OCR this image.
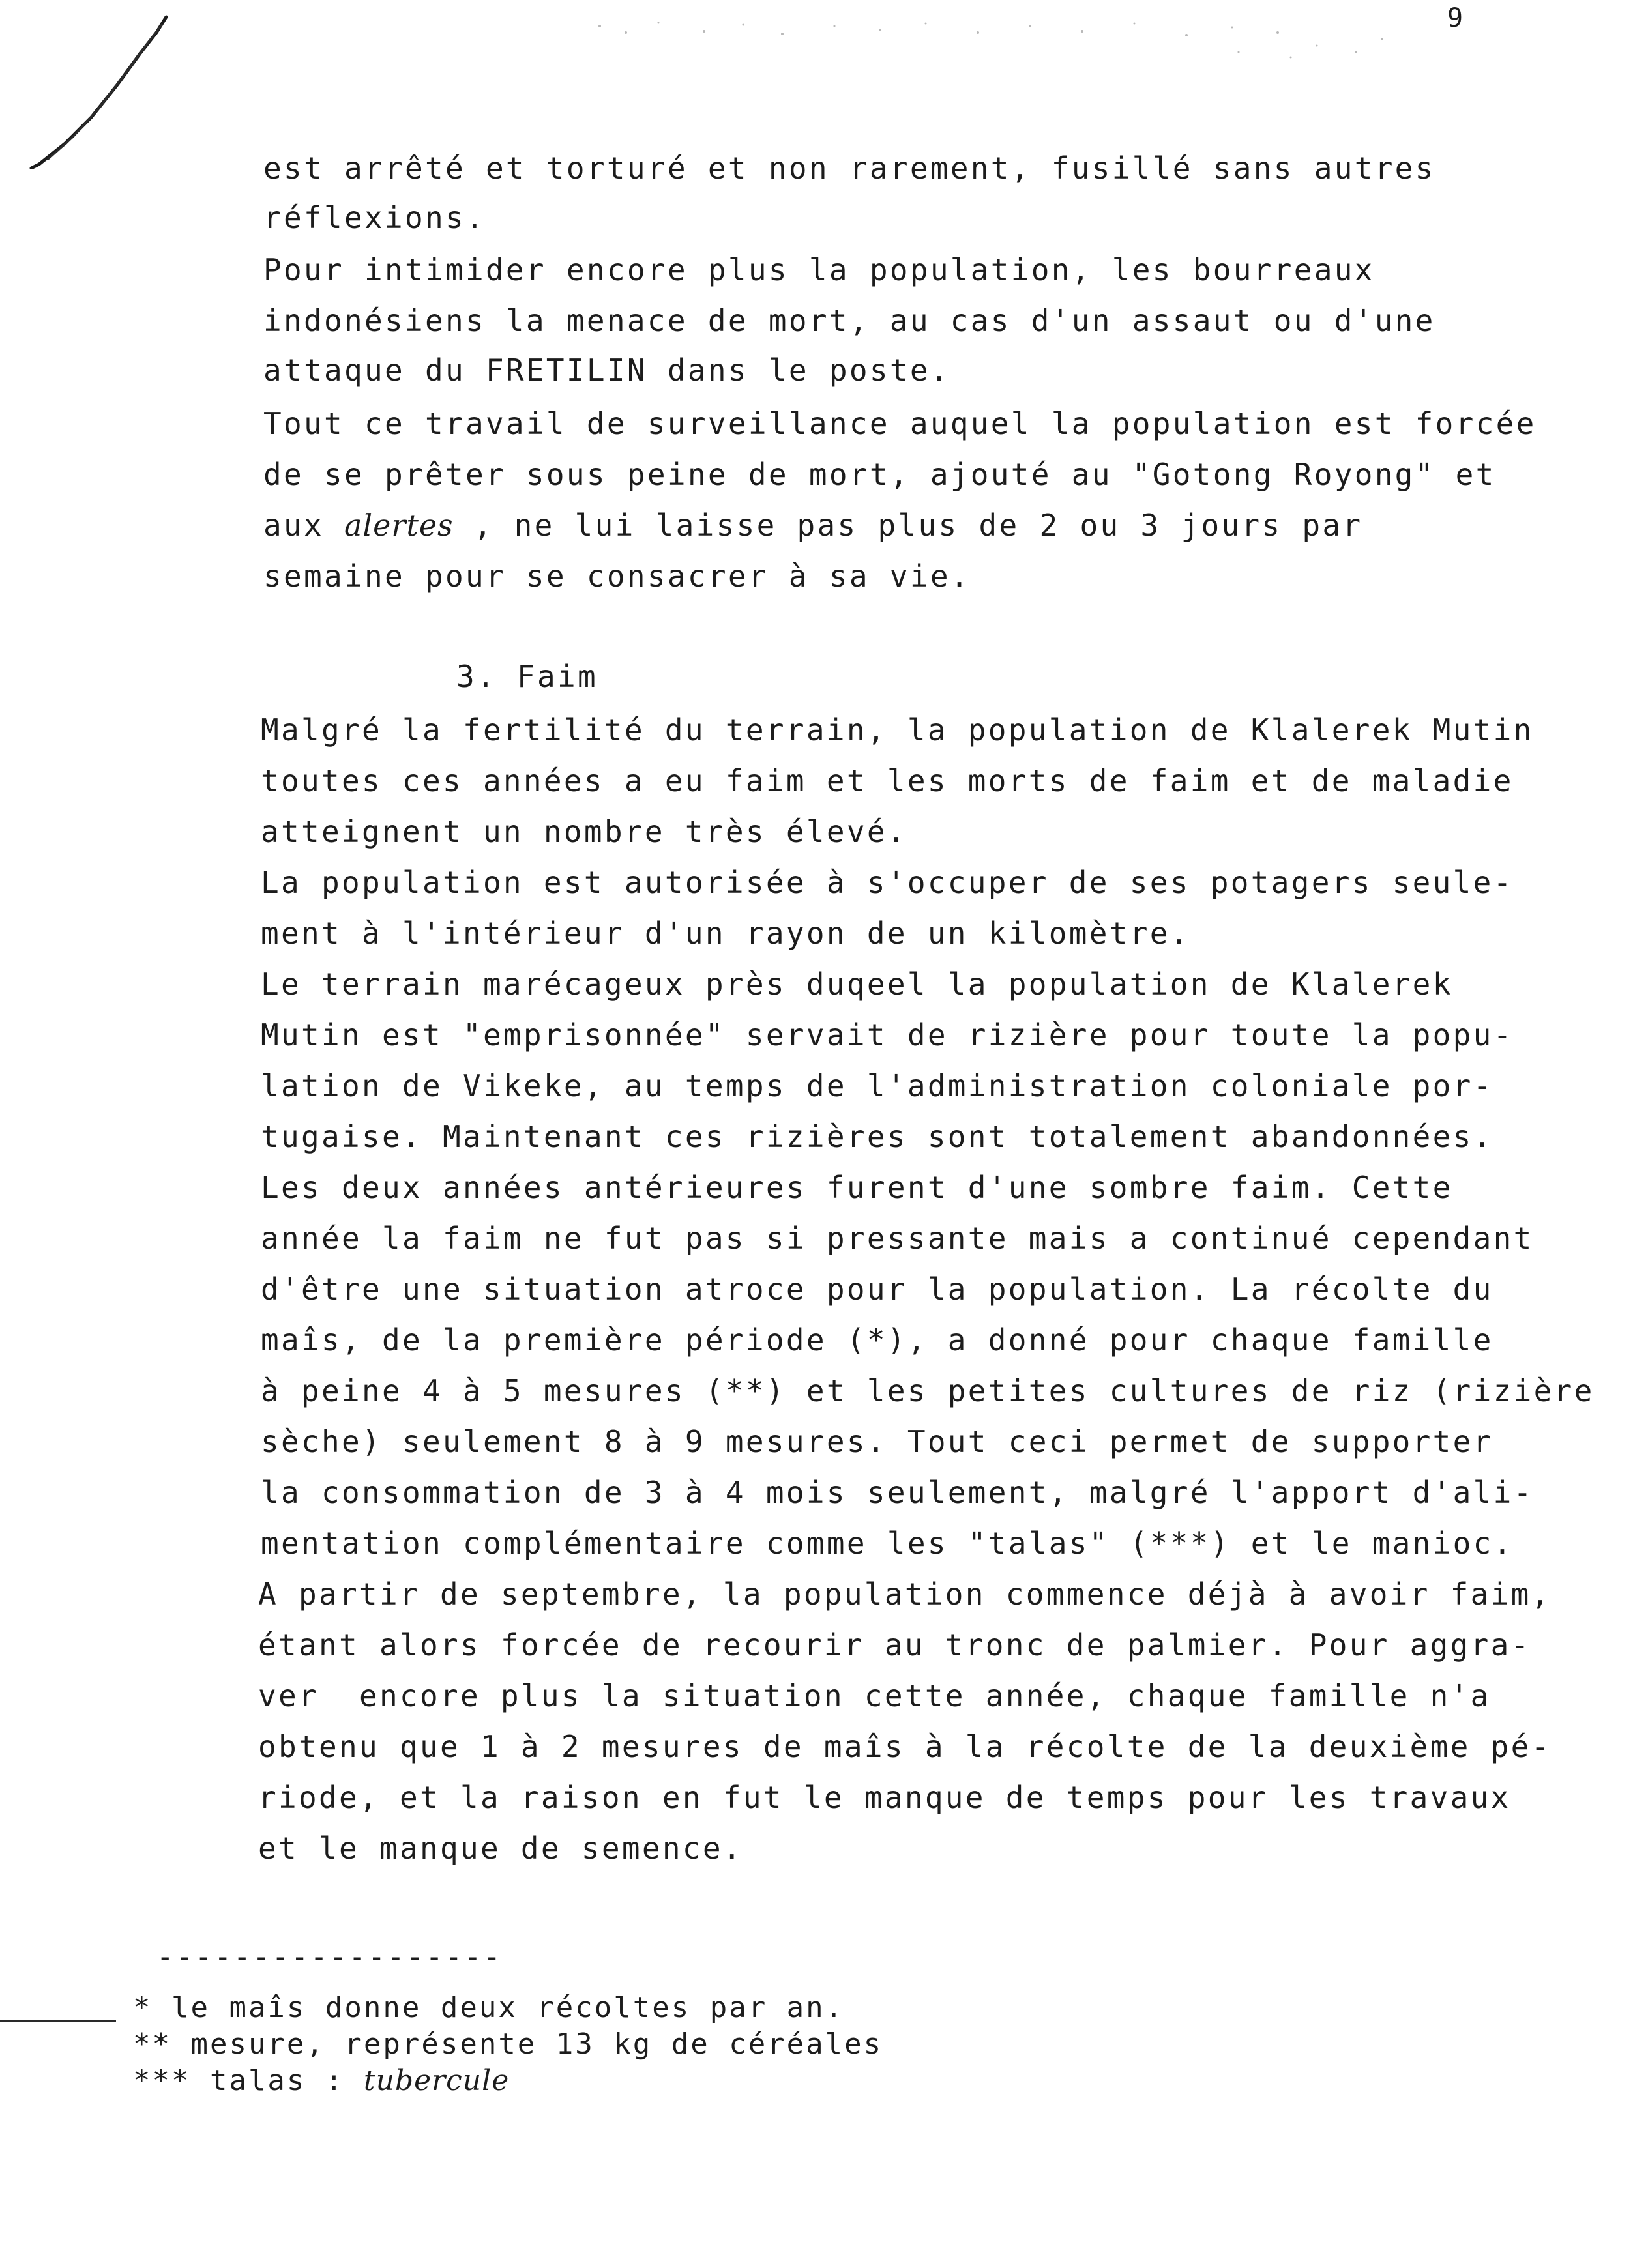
9
est arrêté et torturé et non rarement, fusillé sans autres
réflexions.
Pour intimider encore plus la population, les bourreaux
indonésiens la menace de mort, au cas d'un assaut ou d'une
attaque du FRETILIN dans le poste.
Tout ce travail de surveillance auquel la population est forcée
de se prêter sous peine de mort, ajouté au "Gotong Royong" et
aux alertes , ne lui laisse pas plus de 2 ou 3 jours par
semaine pour se consacrer à sa vie.
3. Faim
Malgré la fertilité du terrain, la population de Klalerek Mutin
toutes ces années a eu faim et les morts de faim et de maladie
atteignent un nombre très élevé.
La population est autorisée à s'occuper de ses potagers seule-
ment à l'intérieur d'un rayon de un kilomètre.
Le terrain marécageux près duqeel la population de Klalerek
Mutin est "emprisonnée" servait de rizière pour toute la popu-
lation de Vikeke, au temps de l'administration coloniale por-
tugaise. Maintenant ces rizières sont totalement abandonnées.
Les deux années antérieures furent d'une sombre faim. Cette
année la faim ne fut pas si pressante mais a continué cependant
d'être une situation atroce pour la population. La récolte du
maîs, de la première période (*), a donné pour chaque famille
à peine 4 à 5 mesures (**) et les petites cultures de riz (rizière
sèche) seulement 8 à 9 mesures. Tout ceci permet de supporter
la consommation de 3 à 4 mois seulement, malgré l'apport d'ali-
mentation complémentaire comme les "talas" (***) et le manioc.
A partir de septembre, la population commence déjà à avoir faim,
étant alors forcée de recourir au tronc de palmier. Pour aggra-
ver  encore plus la situation cette année, chaque famille n'a
obtenu que 1 à 2 mesures de maîs à la récolte de la deuxième pé-
riode, et la raison en fut le manque de temps pour les travaux
et le manque de semence.
------------------
* le maîs donne deux récoltes par an.
** mesure, représente 13 kg de céréales
*** talas : tubercule
